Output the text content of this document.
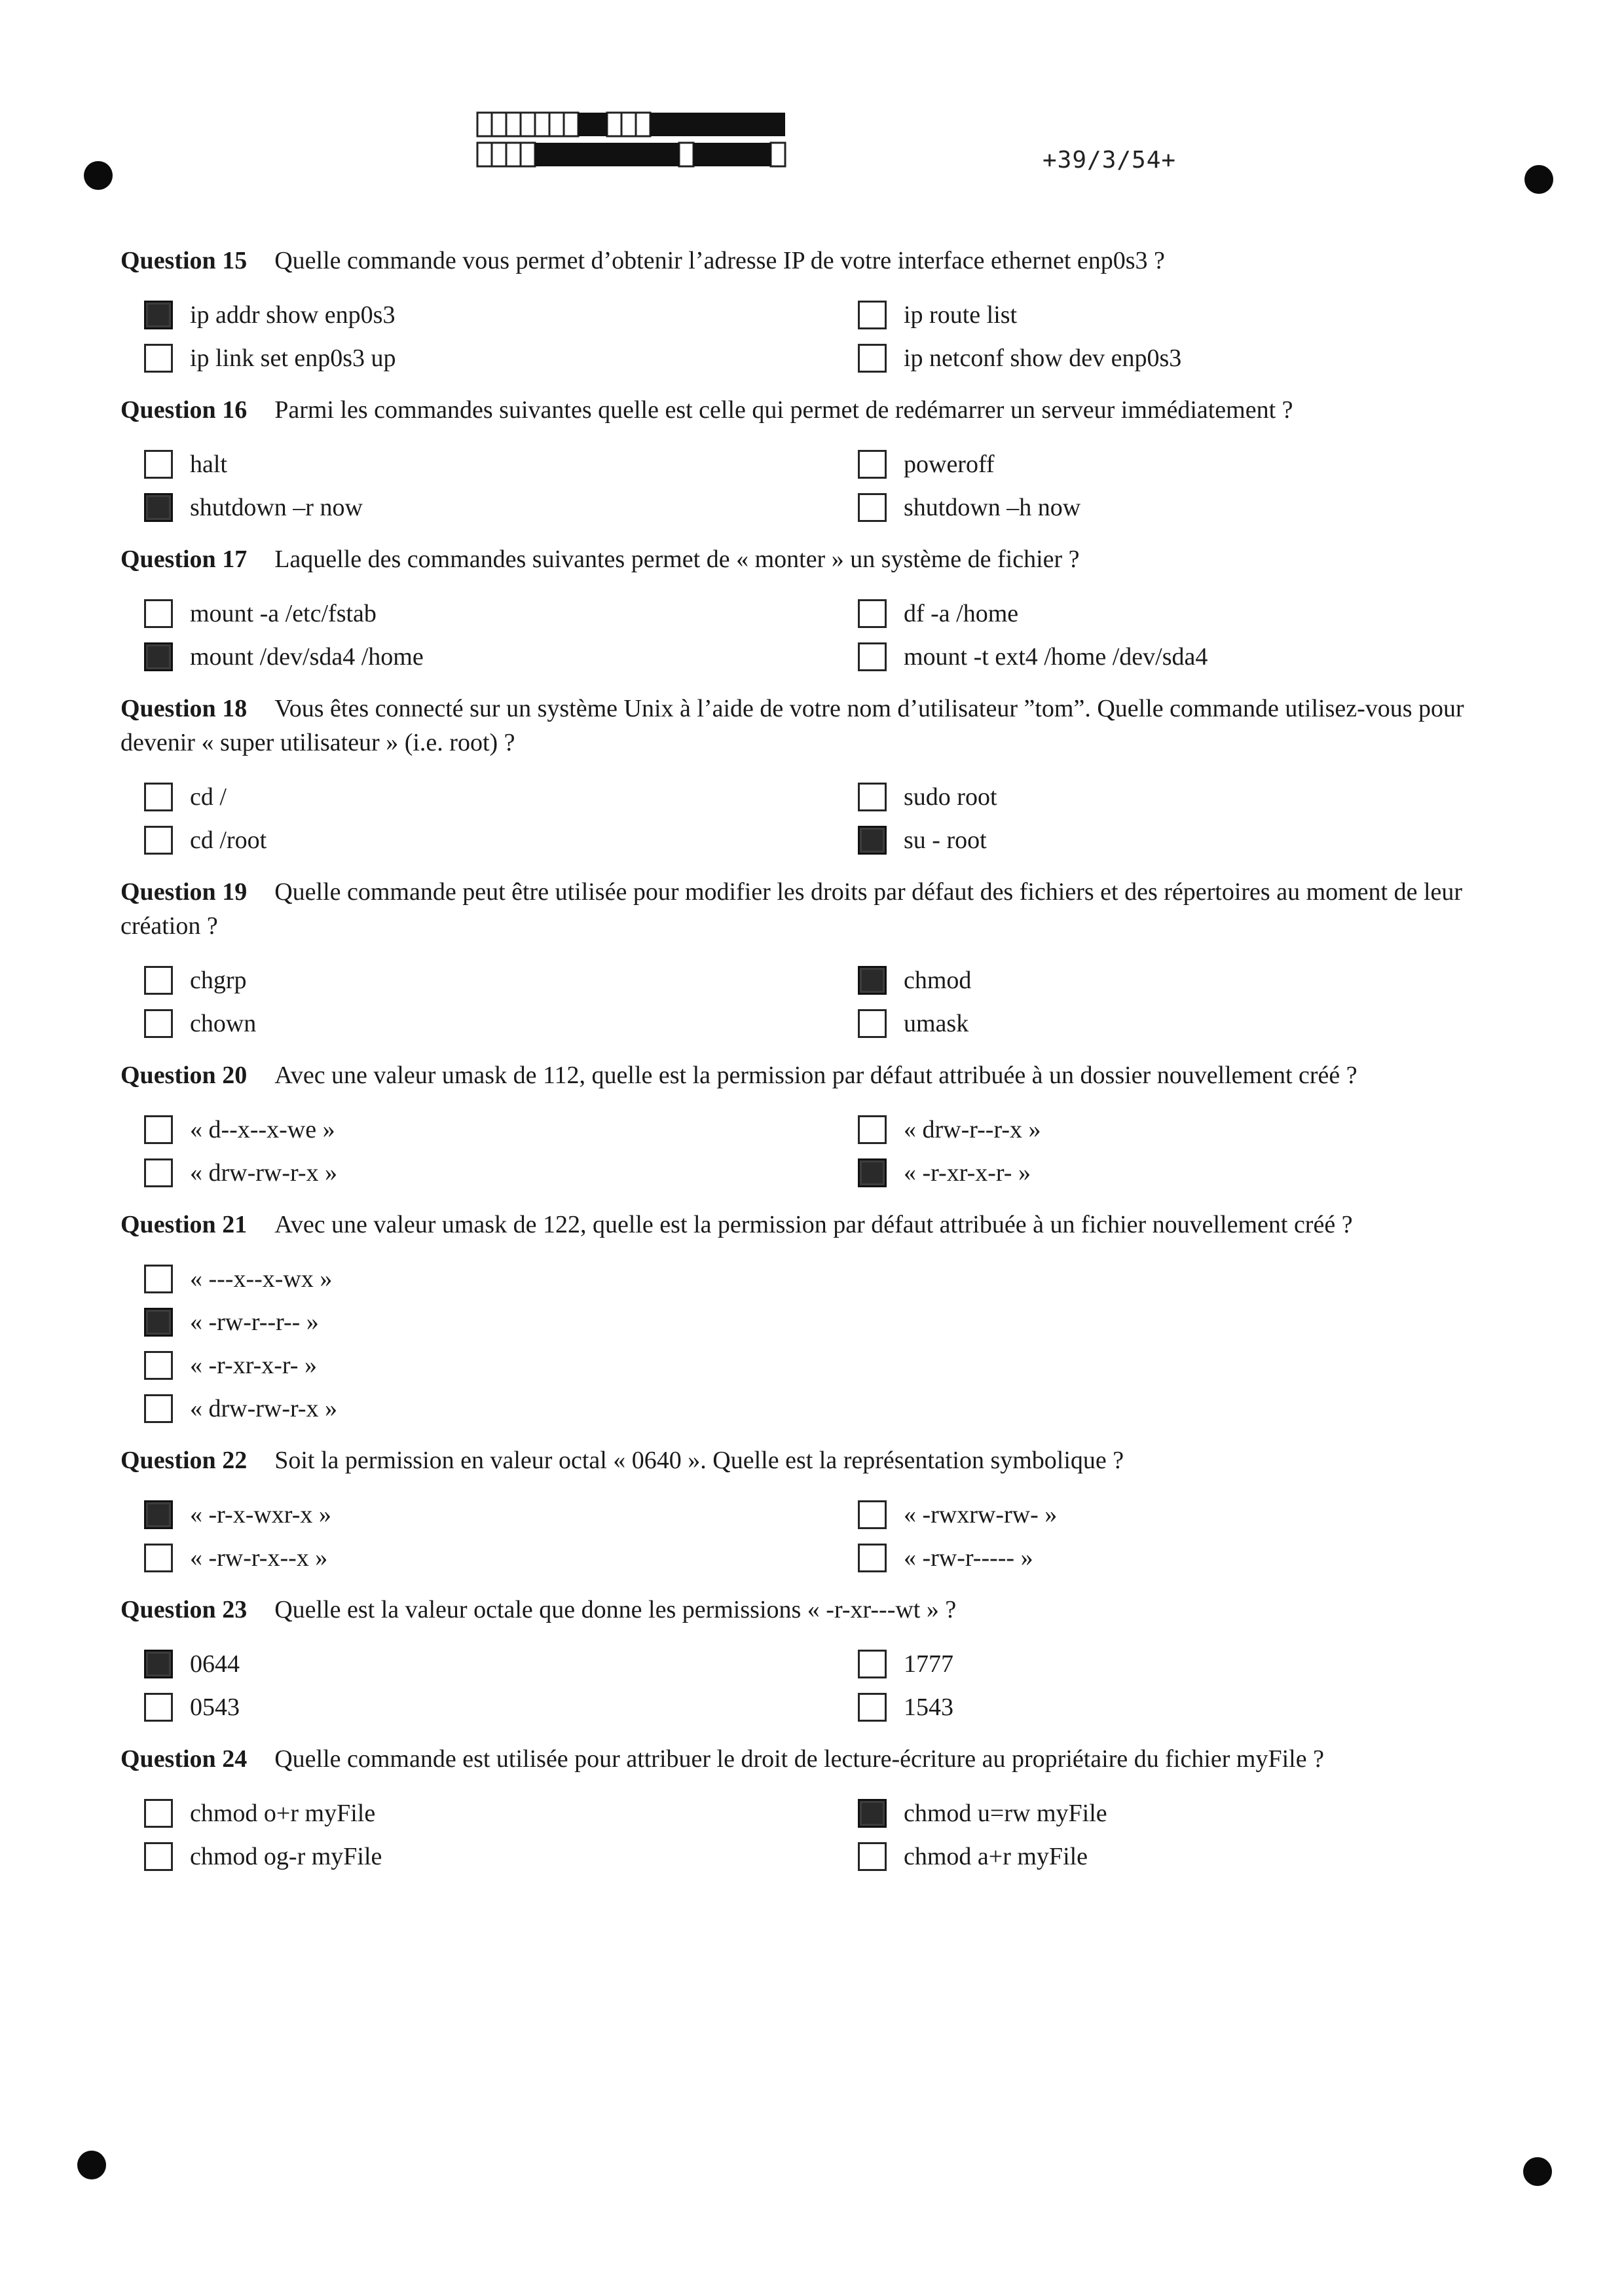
+39/3/54+
Question 15 Quelle commande vous permet d’obtenir l’adresse IP de votre interface ethernet enp0s3 ?
ip addr show enp0s3	ip route list
ip link set enp0s3 up	ip netconf show dev enp0s3
Question 16 Parmi les commandes suivantes quelle est celle qui permet de redémarrer un serveur immédiatement ?
halt	poweroff
shutdown –r now	shutdown –h now
Question 17 Laquelle des commandes suivantes permet de « monter » un système de fichier ?
mount -a /etc/fstab	df -a /home
mount /dev/sda4 /home	mount -t ext4 /home /dev/sda4
Question 18 Vous êtes connecté sur un système Unix à l’aide de votre nom d’utilisateur ”tom”. Quelle commande utilisez-vous pour devenir « super utilisateur » (i.e. root) ?
cd /	sudo root
cd /root	su - root
Question 19 Quelle commande peut être utilisée pour modifier les droits par défaut des fichiers et des répertoires au moment de leur création ?
chgrp	chmod
chown	umask
Question 20 Avec une valeur umask de 112, quelle est la permission par défaut attribuée à un dossier nouvellement créé ?
« d--x--x-we »	« drw-r--r-x »
« drw-rw-r-x »	« -r-xr-x-r- »
Question 21 Avec une valeur umask de 122, quelle est la permission par défaut attribuée à un fichier nouvellement créé ?
« ---x--x-wx »
« -rw-r--r-- »
« -r-xr-x-r- »
« drw-rw-r-x »
Question 22 Soit la permission en valeur octal « 0640 ». Quelle est la représentation symbolique ?
« -r-x-wxr-x »	« -rwxrw-rw- »
« -rw-r-x--x »	« -rw-r----- »
Question 23 Quelle est la valeur octale que donne les permissions « -r-xr---wt » ?
0644	1777
0543	1543
Question 24 Quelle commande est utilisée pour attribuer le droit de lecture-écriture au propriétaire du fichier myFile ?
chmod o+r myFile	chmod u=rw myFile
chmod og-r myFile	chmod a+r myFile
